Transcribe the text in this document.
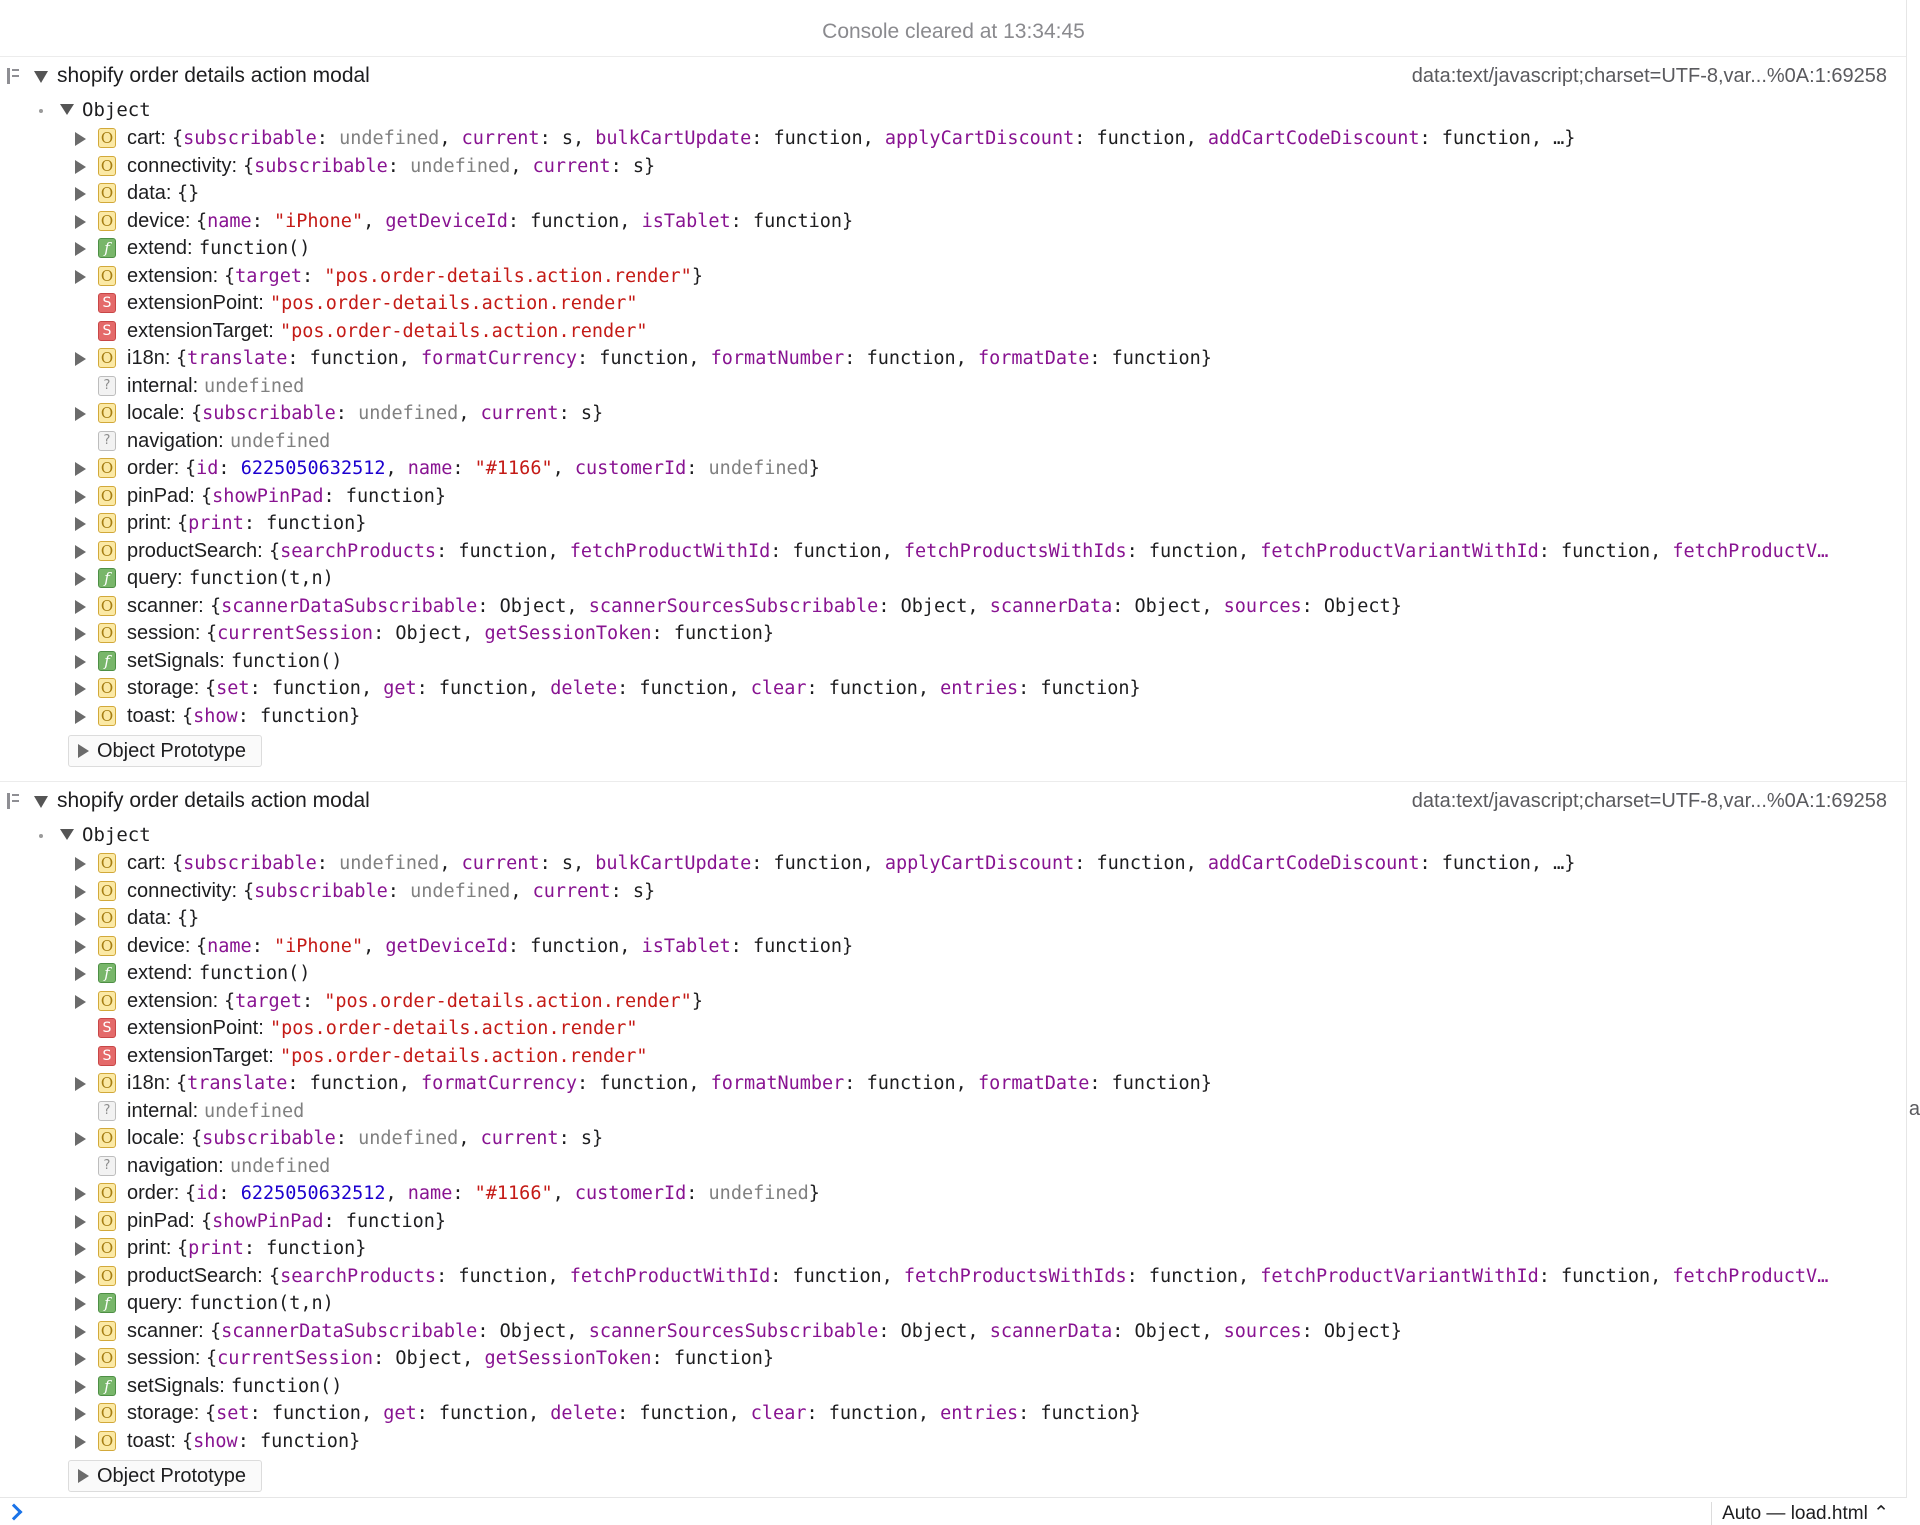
Console cleared at 13:34:45
shopify order details action modal	data:text/javascript;charset=UTF-8,var...%0A:1:69258
Object
O cart: {subscribable: undefined, current: s, bulkCartUpdate: function, applyCartDiscount: function, addCartCodeDiscount: function, …}
O connectivity: {subscribable: undefined, current: s}
O data: {}
O device: {name: "iPhone", getDeviceId: function, isTablet: function}
f extend: function()
O extension: {target: "pos.order-details.action.render"}
S extensionPoint: "pos.order-details.action.render"
S extensionTarget: "pos.order-details.action.render"
O i18n: {translate: function, formatCurrency: function, formatNumber: function, formatDate: function}
? internal: undefined
O locale: {subscribable: undefined, current: s}
? navigation: undefined
O order: {id: 6225050632512, name: "#1166", customerId: undefined}
O pinPad: {showPinPad: function}
O print: {print: function}
O productSearch: {searchProducts: function, fetchProductWithId: function, fetchProductsWithIds: function, fetchProductVariantWithId: function, fetchProductV…
f query: function(t,n)
O scanner: {scannerDataSubscribable: Object, scannerSourcesSubscribable: Object, scannerData: Object, sources: Object}
O session: {currentSession: Object, getSessionToken: function}
f setSignals: function()
O storage: {set: function, get: function, delete: function, clear: function, entries: function}
O toast: {show: function}
Object Prototype
shopify order details action modal	data:text/javascript;charset=UTF-8,var...%0A:1:69258
Object
O cart: {subscribable: undefined, current: s, bulkCartUpdate: function, applyCartDiscount: function, addCartCodeDiscount: function, …}
O connectivity: {subscribable: undefined, current: s}
O data: {}
O device: {name: "iPhone", getDeviceId: function, isTablet: function}
f extend: function()
O extension: {target: "pos.order-details.action.render"}
S extensionPoint: "pos.order-details.action.render"
S extensionTarget: "pos.order-details.action.render"
O i18n: {translate: function, formatCurrency: function, formatNumber: function, formatDate: function}
? internal: undefined
O locale: {subscribable: undefined, current: s}
? navigation: undefined
O order: {id: 6225050632512, name: "#1166", customerId: undefined}
O pinPad: {showPinPad: function}
O print: {print: function}
O productSearch: {searchProducts: function, fetchProductWithId: function, fetchProductsWithIds: function, fetchProductVariantWithId: function, fetchProductV…
f query: function(t,n)
O scanner: {scannerDataSubscribable: Object, scannerSourcesSubscribable: Object, scannerData: Object, sources: Object}
O session: {currentSession: Object, getSessionToken: function}
f setSignals: function()
O storage: {set: function, get: function, delete: function, clear: function, entries: function}
O toast: {show: function}
Object Prototype
a
Auto — load.html ⌃
